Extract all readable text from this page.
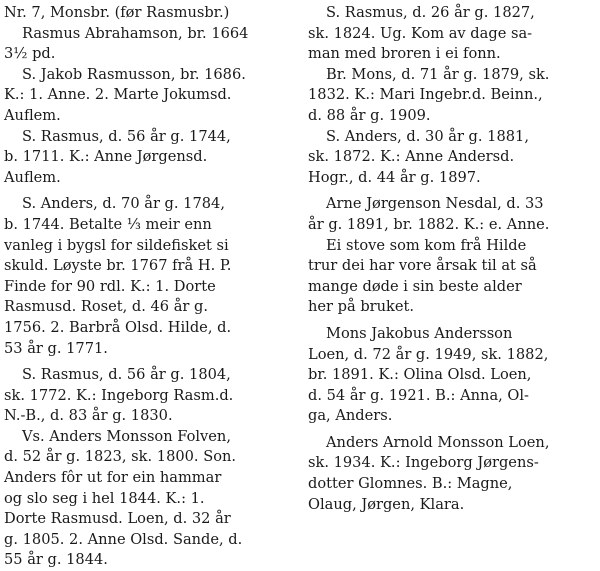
Nr. 7, Monsbr. (før Rasmusbr.)
Rasmus Abrahamson, br. 1664
3½ pd.
S. Jakob Rasmusson, br. 1686.
K.: 1. Anne. 2. Marte Jokumsd.
Auflem.
S. Rasmus, d. 56 år g. 1744,
b. 1711. K.: Anne Jørgensd.
Auflem.
S. Anders, d. 70 år g. 1784,
b. 1744. Betalte ⅓ meir enn
vanleg i bygsl for sildefisket si
skuld. Løyste br. 1767 frå H. P.
Finde for 90 rdl. K.: 1. Dorte
Rasmusd. Roset, d. 46 år g.
1756. 2. Barbrå Olsd. Hilde, d.
53 år g. 1771.
S. Rasmus, d. 56 år g. 1804,
sk. 1772. K.: Ingeborg Rasm.d.
N.-B., d. 83 år g. 1830.
Vs. Anders Monsson Folven,
d. 52 år g. 1823, sk. 1800. Son.
Anders fôr ut for ein hammar
og slo seg i hel 1844. K.: 1.
Dorte Rasmusd. Loen, d. 32 år
g. 1805. 2. Anne Olsd. Sande, d.
55 år g. 1844.
S. Rasmus, d. 26 år g. 1827,
sk. 1824. Ug. Kom av dage sa-
man med broren i ei fonn.
Br. Mons, d. 71 år g. 1879, sk.
1832. K.: Mari Ingebr.d. Beinn.,
d. 88 år g. 1909.
S. Anders, d. 30 år g. 1881,
sk. 1872. K.: Anne Andersd.
Hogr., d. 44 år g. 1897.
Arne Jørgenson Nesdal, d. 33
år g. 1891, br. 1882. K.: e. Anne.
Ei stove som kom frå Hilde
trur dei har vore årsak til at så
mange døde i sin beste alder
her på bruket.
Mons Jakobus Andersson
Loen, d. 72 år g. 1949, sk. 1882,
br. 1891. K.: Olina Olsd. Loen,
d. 54 år g. 1921. B.: Anna, Ol-
ga, Anders.
Anders Arnold Monsson Loen,
sk. 1934. K.: Ingeborg Jørgens-
dotter Glomnes. B.: Magne,
Olaug, Jørgen, Klara.
